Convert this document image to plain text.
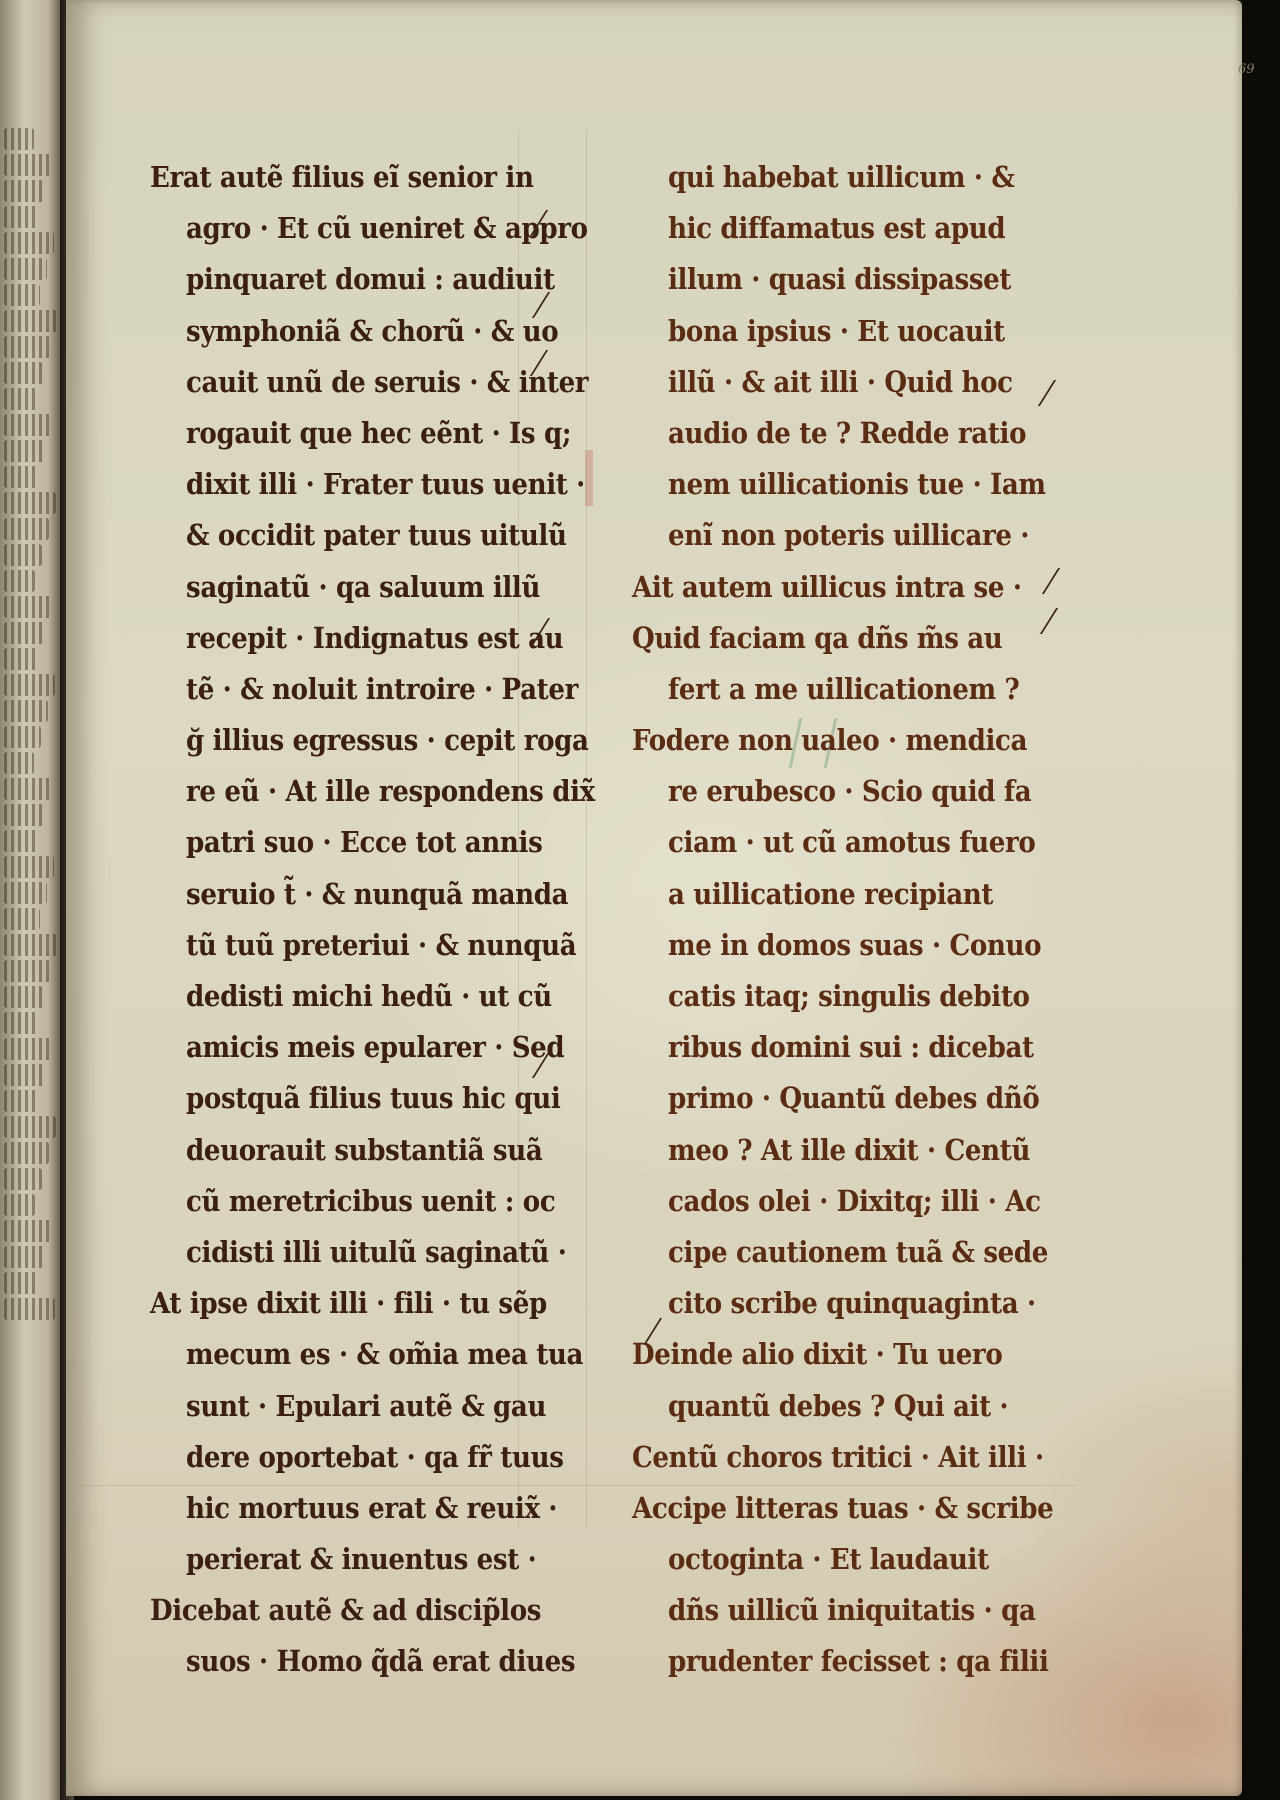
69
Erat autẽ filius eı̃ senior in
agro · Et cũ ueniret & appro
pinquaret domui : audiuit
symphoniã & chorũ · & uo
cauit unũ de seruis · & inter
rogauit que hec eẽnt · Is q;
dixit illi · Frater tuus uenit ·
& occidit pater tuus uitulũ
saginatũ · qa saluum illũ
recepit · Indignatus est au
tẽ · & noluit introire · Pater
ğ illius egressus · cepit roga
re eũ · At ille respondens dix̃
patri suo · Ecce tot annis
seruio t̃ · & nunquã manda
tũ tuũ preteriui · & nunquã
dedisti michi hedũ · ut cũ
amicis meis epularer · Sed
postquã filius tuus hic qui
deuorauit substantiã suã
cũ meretricibus uenit : oc
cidisti illi uitulũ saginatũ ·
At ipse dixit illi · fili · tu sẽp
mecum es · & om̃ia mea tua
sunt · Epulari autẽ & gau
dere oportebat · qa fr̃ tuus
hic mortuus erat & reuix̃ ·
perierat & inuentus est ·
Dicebat autẽ & ad discip̃los
suos · Homo q̃dã erat diues
qui habebat uillicum · &
hic diffamatus est apud
illum · quasi dissipasset
bona ipsius · Et uocauit
illũ · & ait illi · Quid hoc
audio de te ? Redde ratio
nem uillicationis tue · Iam
enĩ non poteris uillicare ·
Ait autem uillicus intra se ·
Quid faciam qa dñs m̃s au
fert a me uillicationem ?
Fodere non ualeo · mendica
re erubesco · Scio quid fa
ciam · ut cũ amotus fuero
a uillicatione recipiant
me in domos suas · Conuo
catis itaq; singulis debito
ribus domini sui : dicebat
primo · Quantũ debes dñõ
meo ? At ille dixit · Centũ
cados olei · Dixitq; illi · Ac
cipe cautionem tuã & sede
cito scribe quinquaginta ·
Deinde alio dixit · Tu uero
quantũ debes ? Qui ait ·
Centũ choros tritici · Ait illi ·
Accipe litteras tuas · & scribe
octoginta · Et laudauit
dñs uillicũ iniquitatis · qa
prudenter fecisset : qa filii
